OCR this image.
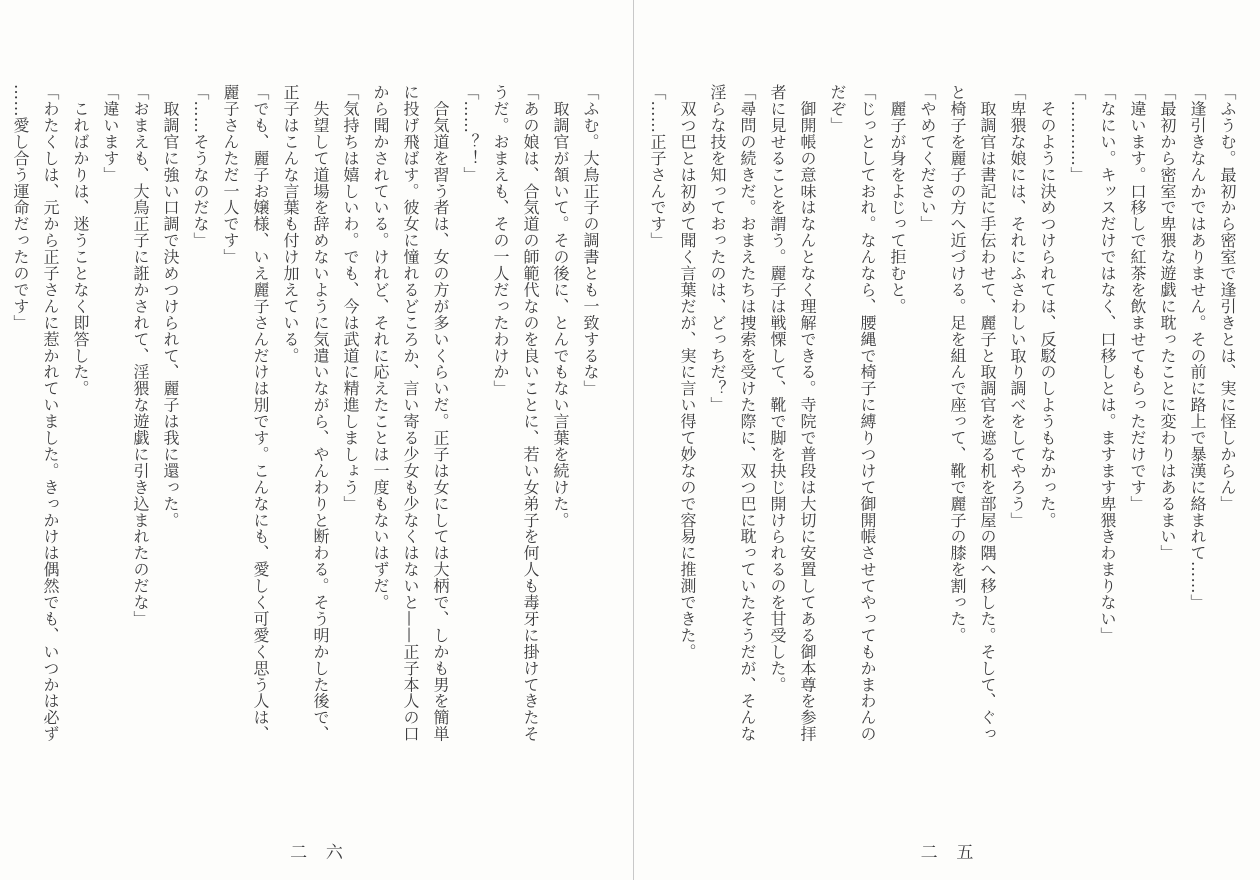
「ふむ。大鳥正子の調書とも一致するな」
　取調官が頷いて。その後に、とんでもない言葉を続けた。
「あの娘は、合気道の師範代なのを良いことに、若い女弟子を何人も毒牙に掛けてきたそ
うだ。おまえも、その一人だったわけか」
「……？！」
　合気道を習う者は、女の方が多いくらいだ。正子は女にしては大柄で、しかも男を簡単
に投げ飛ばす。彼女に憧れるどころか、言い寄る少女も少なくはないと——正子本人の口
から聞かされている。けれど、それに応えたことは一度もないはずだ。
「気持ちは嬉しいわ。でも、今は武道に精進しましょう」
　失望して道場を辞めないように気遣いながら、やんわりと断わる。そう明かした後で、
正子はこんな言葉も付け加えている。
「でも、麗子お嬢様、いえ麗子さんだけは別です。こんなにも、愛しく可愛く思う人は、
麗子さんただ一人です」
「……そうなのだな」
　取調官に強い口調で決めつけられて、麗子は我に還った。
「おまえも、大鳥正子に誑かされて、淫猥な遊戯に引き込まれたのだな」
「違います」
　こればかりは、迷うことなく即答した。
「わたくしは、元から正子さんに惹かれていました。きっかけは偶然でも、いつかは必ず
……愛し合う運命だったのです」
二六
「ふうむ。最初から密室で逢引きとは、実に怪しからん」
「逢引きなんかではありません。その前に路上で暴漢に絡まれて……」
「最初から密室で卑猥な遊戯に耽ったことに変わりはあるまい」
「違います。口移しで紅茶を飲ませてもらっただけです」
「なにい。キッスだけではなく、口移しとは。ますます卑猥きわまりない」
「…………」
　そのように決めつけられては、反駁のしようもなかった。
「卑猥な娘には、それにふさわしい取り調べをしてやろう」
　取調官は書記に手伝わせて、麗子と取調官を遮る机を部屋の隅へ移した。そして、ぐっ
と椅子を麗子の方へ近づける。足を組んで座って、靴で麗子の膝を割った。
「やめてください」
　麗子が身をよじって拒むと。
「じっとしておれ。なんなら、腰縄で椅子に縛りつけて御開帳させてやってもかまわんの
だぞ」
　御開帳の意味はなんとなく理解できる。寺院で普段は大切に安置してある御本尊を参拝
者に見せることを謂う。麗子は戦慄して、靴で脚を抉じ開けられるのを甘受した。
「尋問の続きだ。おまえたちは捜索を受けた際に、双つ巴に耽っていたそうだが、そんな
淫らな技を知っておったのは、どっちだ？」
　双つ巴とは初めて聞く言葉だが、実に言い得て妙なので容易に推測できた。
「……正子さんです」
二五
